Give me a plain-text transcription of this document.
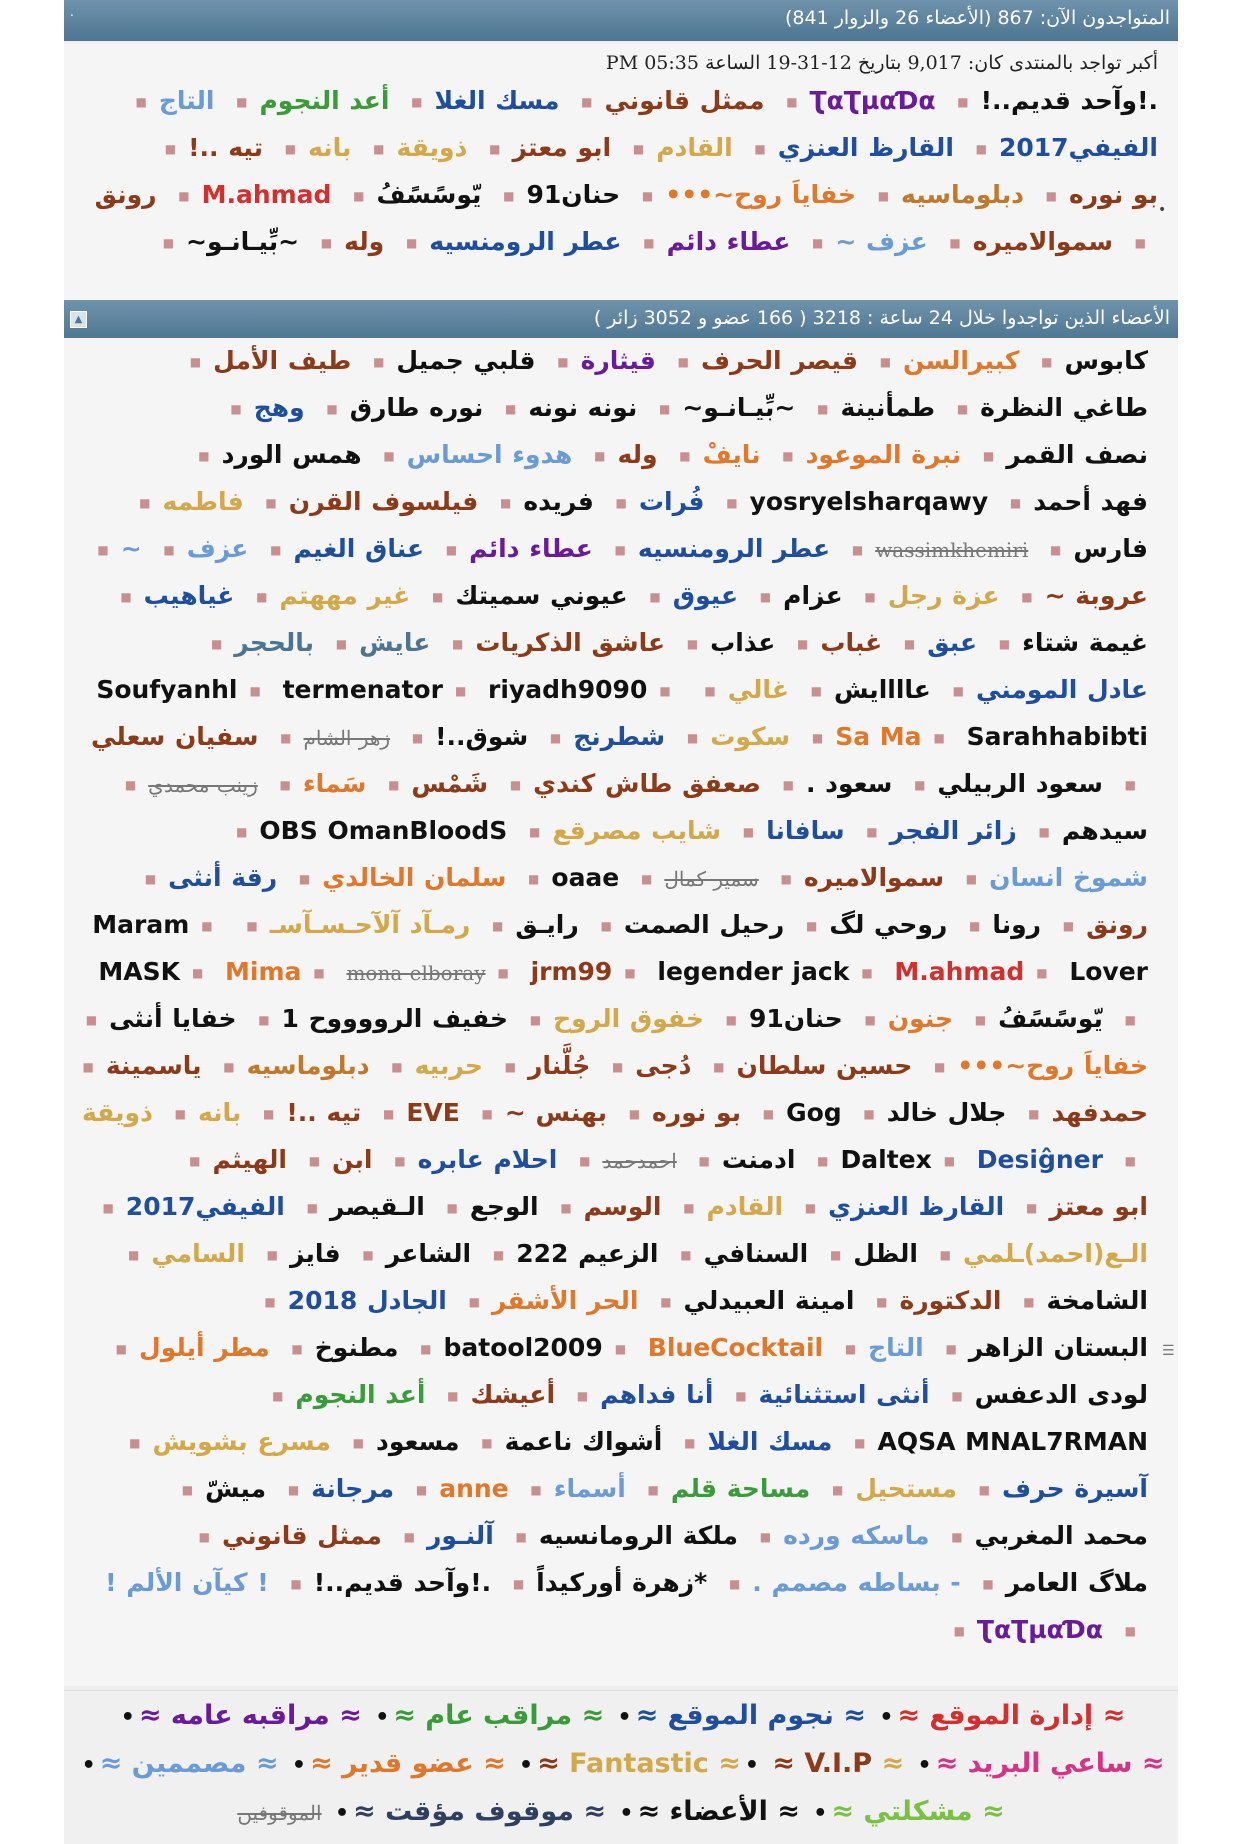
.	المتواجدون الآن: 867 (الأعضاء 26 والزوار 841)
•
أكبر تواجد بالمنتدى كان: 9,017 بتاريخ 12-31-19 الساعة 05:35 PM
.!وآحد قديم..!■ ƮαƮµαƊα■ ممثل قانوني■ مسك الغلا■ أعد النجوم■ التاج■ الفيفي2017■ القارظ العنزي■ القادم■ ابو معتز■ ذويقة■ بانه■ تيه ..!■ بو نوره■ دبلوماسيه■ خفاياَ روح~•••■ حنان91■ يّوسًسًفُ■ M.ahmad■ رونق■ سموالاميره■ عزف ~■ عطاء دائم■ عطر الرومنسيه■ وله■ ~بِّيـانـو~■
▲	الأعضاء الذين تواجدوا خلال 24 ساعة : 3218 ( 166 عضو و 3052 زائر )
☰
كابوس■ كبيرالسن■ قيصر الحرف■ قيثارة■ قلبي جميل■ طيف الأمل■ طاغي النظرة■ طمأنينة■ ~بِّيـانـو~■ نونه نونه■ نوره طارق■ وهج■ نصف القمر■ نبرة الموعود■ نايفْ■ وله■ هدوء احساس■ همس الورد■ فهد أحمد■ yosryelsharqawy■ فُرات■ فريده■ فيلسوف القرن■ فاطمه■ فارس■ wassimkhemiri■ عطر الرومنسيه■ عطاء دائم■ عناق الغيم■ عزف■ ~■ عروبة ~■ عزة رجل■ عزام■ عيوق■ عيوني سميتك■ غير مههتم■ غياهيب■ غيمة شتاء■ عبق■ غباب■ عذاب■ عاشق الذكريات■ عايش■ بالحجر■ عادل المومني■ عاااايش■ غالي■ Soufyanhl ■ termenator ■ riyadh9090 ■ Sa Ma ■ Sarahhabibti■ سكوت■ شطرنج■ شوق..!■ زهر الشام■ سفيان سعلي■ سعود الربيلي■ سعود .■ صعفق طاش كندي■ شَمْس■ سَماء■ زينب محمدي■ سيدهم■ زائر الفجر■ سافانا■ شايب مصرقع■ OBS OmanBloodS■ شموخ انسان■ سموالاميره■ سمير كمال■ oaae■ سلمان الخالدي■ رقة أنثى■ رونق■ رونا■ روحي لگ■ رحيل الصمت■ رايـق■ رمـآد آلآحـسـآسـ■ Maram ■ MASK ■ Mima ■ mona elboray ■ jrm99 ■ legender jack ■ M.ahmad ■ Lover■ يّوسًسًفُ■ جنون■ حنان91■ خفوق الروح■ خفيف الرووووح 1■ خفايا أنثى■ خفاياَ روح~•••■ حسين سلطان■ دُجى■ جُلَّنار■ حربيه■ دبلوماسيه■ ياسمينة■ حمدفهد■ جلال خالد■ Gog■ بو نوره■ بهنس ~■ EVE■ تيه ..!■ بانه■ ذويقة■ Daltex ■ Desiĝner■ ادمنت■ احمدحمد■ احلام عابره■ ابن■ الهيثم■ ابو معتز■ القارظ العنزي■ القادم■ الوسم■ الوجع■ الـقيصر■ الفيفي2017■ الـع(احمد)ـلمي■ الظل■ السنافي■ الزعيم 222■ الشاعر■ فايز■ السامي■ الشامخة■ الدكتورة■ امينة العبيدلي■ الحر الأشقر■ الجادل 2018■ البستان الزاهر■ التاج■ batool2009 ■ BlueCocktail■ مطنوخ■ مطر أيلول■ لودى الدعفس■ أنثى استثنائية■ أنا فداهم■ أعيشك■ أعد النجوم■ AQSA MNAL7RMAN■ مسك الغلا■ أشواك ناعمة■ مسعود■ مسرع بشويش■ آسيرة حرف■ مستحيل■ مساحة قلم■ أسماء■ anne■ مرجانة■ ميشّ■ محمد المغربي■ ماسكه ورده■ ملكة الرومانسيه■ آلنـور■ ممثل قانوني■ ملاگ العامر■ - بساطه مصمم .■ *زهرة أوركيداً■ .!وآحد قديم..!■ ! كيآن الألم !■ ƮαƮµαƊα■
≈ إدارة الموقع ≈• ≈ نجوم الموقع ≈• ≈ مراقب عام ≈• ≈ مراقبه عامه ≈• ≈ ساعي البريد ≈• ≈ Fantastic ≈• ≈ V.I.P ≈• ≈ عضو قدير ≈• ≈ مصممين ≈• ≈ مشكلتي ≈• ≈ الأعضاء ≈• ≈ موقوف مؤقت ≈• الموقوفين
